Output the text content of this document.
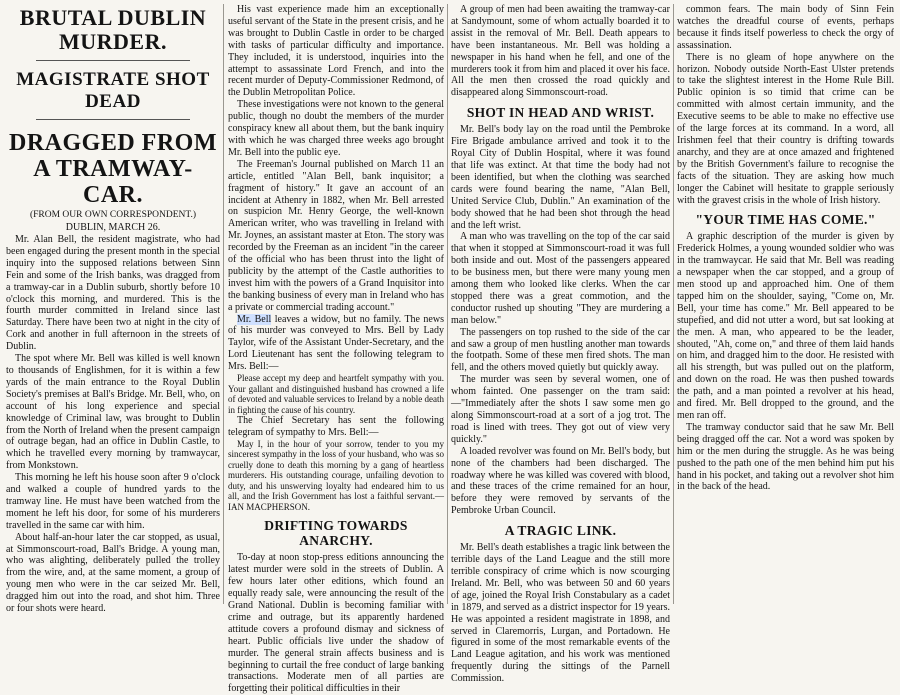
BRUTAL DUBLIN MURDER.
MAGISTRATE SHOT DEAD
DRAGGED FROM A TRAMWAY-CAR.
(FROM OUR OWN CORRESPONDENT.)
DUBLIN, MARCH 26.

Mr. Alan Bell, the resident magistrate, who had been engaged during the present month in the special inquiry into the supposed relations between Sinn Fein and some of the Irish banks, was dragged from a tramway-car in a Dublin suburb, shortly before 10 o'clock this morning, and murdered. This is the fourth murder committed in Ireland since last Saturday. There have been two at night in the city of Cork and another in full afternoon in the streets of Dublin.

The spot where Mr. Bell was killed is well known to thousands of Englishmen, for it is within a few yards of the main entrance to the Royal Dublin Society's premises at Ball's Bridge. Mr. Bell, who, on account of his long experience and special knowledge of Criminal law, was brought to Dublin from the North of Ireland when the present campaign of outrage began, had an office in Dublin Castle, to which he travelled every morning by tramwaycar, from Monkstown.

This morning he left his house soon after 9 o'clock and walked a couple of hundred yards to the tramway line. He must have been watched from the moment he left his door, for some of his murderers travelled in the same car with him.

About half-an-hour later the car stopped, as usual, at Simmonscourt-road, Ball's Bridge. A young man, who was alighting, deliberately pulled the trolley from the wire, and, at the same moment, a group of young men who were in the car seized Mr. Bell, dragged him out into the road, and shot him. Three or four shots were heard.

His vast experience made him an exceptionally useful servant of the State in the present crisis, and he was brought to Dublin Castle in order to be charged with tasks of particular difficulty and importance. They included, it is understood, inquiries into the attempt to assassinate Lord French, and into the recent murder of Deputy-Commissioner Redmond, of the Dublin Metropolitan Police.

These investigations were not known to the general public, though no doubt the members of the murder conspiracy knew all about them, but the bank inquiry with which he was charged three weeks ago brought Mr. Bell into the public eye.

The Freeman's Journal published on March 11 an article, entitled "Alan Bell, bank inquisitor; a fragment of history." It gave an account of an incident at Athenry in 1882, when Mr. Bell arrested on suspicion Mr. Henry George, the well-known American writer, who was travelling in Ireland with Mr. Joynes, an assistant master at Eton. The story was recorded by the Freeman as an incident "in the career of the official who has been thrust into the light of publicity by the attempt of the Castle authorities to invest him with the powers of a Grand Inquisitor into the banking business of every man in Ireland who has a private or commercial trading account."

Mr. Bell leaves a widow, but no family. The news of his murder was conveyed to Mrs. Bell by Lady Taylor, wife of the Assistant Under-Secretary, and the Lord Lieutenant has sent the following telegram to Mrs. Bell:—

Please accept my deep and heartfelt sympathy with you. Your gallant and distinguished husband has crowned a life of devoted and valuable services to Ireland by a noble death in fighting the cause of his country.

The Chief Secretary has sent the following telegram of sympathy to Mrs. Bell:—

May I, in the hour of your sorrow, tender to you my sincerest sympathy in the loss of your husband, who was so cruelly done to death this morning by a gang of heartless murderers. His outstanding courage, unfailing devotion to duty, and his unswerving loyalty had endeared him to us all, and the Irish Government has lost a faithful servant.—IAN MACPHERSON.

DRIFTING TOWARDS ANARCHY.

To-day at noon stop-press editions announcing the latest murder were sold in the streets of Dublin. A few hours later other editions, which found an equally ready sale, were announcing the result of the Grand National. Dublin is becoming familiar with crime and outrage, but its apparently hardened attitude covers a profound dismay and sickness of heart. Public officials live under the shadow of murder. The general strain affects business and is beginning to curtail the free conduct of large banking transactions. Moderate men of all parties are forgetting their political difficulties in their

A group of men had been awaiting the tramway-car at Sandymount, some of whom actually boarded it to assist in the removal of Mr. Bell. Death appears to have been instantaneous. Mr. Bell was holding a newspaper in his hand when he fell, and one of the murderers took it from him and placed it over his face. All the men then crossed the road quickly and disappeared along Simmonscourt-road.

SHOT IN HEAD AND WRIST.

Mr. Bell's body lay on the road until the Pembroke Fire Brigade ambulance arrived and took it to the Royal City of Dublin Hospital, where it was found that life was extinct. At that time the body had not been identified, but when the clothing was searched cards were found bearing the name, "Alan Bell, United Service Club, Dublin." An examination of the body showed that he had been shot through the head and the left wrist.

A man who was travelling on the top of the car said that when it stopped at Simmonscourt-road it was full both inside and out. Most of the passengers appeared to be business men, but there were many young men among them who looked like clerks. When the car stopped there was a great commotion, and the conductor rushed up shouting "They are murdering a man below."

The passengers on top rushed to the side of the car and saw a group of men hustling another man towards the footpath. Some of these men fired shots. The man fell, and the others moved quietly but quickly away.

The murder was seen by several women, one of whom fainted. One passenger on the tram said:—"Immediately after the shots I saw some men go along Simmonscourt-road at a sort of a jog trot. The road is lined with trees. They got out of view very quickly."

A loaded revolver was found on Mr. Bell's body, but none of the chambers had been discharged. The roadway where he was killed was covered with blood, and these traces of the crime remained for an hour, before they were removed by servants of the Pembroke Urban Council.

A TRAGIC LINK.

Mr. Bell's death establishes a tragic link between the terrible days of the Land League and the still more terrible conspiracy of crime which is now scourging Ireland. Mr. Bell, who was between 50 and 60 years of age, joined the Royal Irish Constabulary as a cadet in 1879, and served as a district inspector for 19 years. He was appointed a resident magistrate in 1898, and served in Claremorris, Lurgan, and Portadown. He figured in some of the most remarkable events of the Land League agitation, and his work was mentioned frequently during the sittings of the Parnell Commission.

common fears. The main body of Sinn Fein watches the dreadful course of events, perhaps because it finds itself powerless to check the orgy of assassination.

There is no gleam of hope anywhere on the horizon. Nobody outside North-East Ulster pretends to take the slightest interest in the Home Rule Bill. Public opinion is so timid that crime can be committed with almost certain immunity, and the Executive seems to be able to make no effective use of the large forces at its command. In a word, all Irishmen feel that their country is drifting towards anarchy, and they are at once amazed and frightened by the British Government's failure to recognise the facts of the situation. They are asking how much longer the Cabinet will hesitate to grapple seriously with the gravest crisis in the whole of Irish history.

"YOUR TIME HAS COME."

A graphic description of the murder is given by Frederick Holmes, a young wounded soldier who was in the tramwaycar. He said that Mr. Bell was reading a newspaper when the car stopped, and a group of men stood up and approached him. One of them tapped him on the shoulder, saying, "Come on, Mr. Bell, your time has come." Mr. Bell appeared to be stupefied, and did not utter a word, but sat looking at the men. A man, who appeared to be the leader, shouted, "Ah, come on," and three of them laid hands on him, and dragged him to the door. He resisted with all his strength, but was pulled out on the platform, and down on the road. He was then pushed towards the path, and a man pointed a revolver at his head, and fired. Mr. Bell dropped to the ground, and the men ran off.

The tramway conductor said that he saw Mr. Bell being dragged off the car. Not a word was spoken by him or the men during the struggle. As he was being pushed to the path one of the men behind him put his hand in his pocket, and taking out a revolver shot him in the back of the head.
